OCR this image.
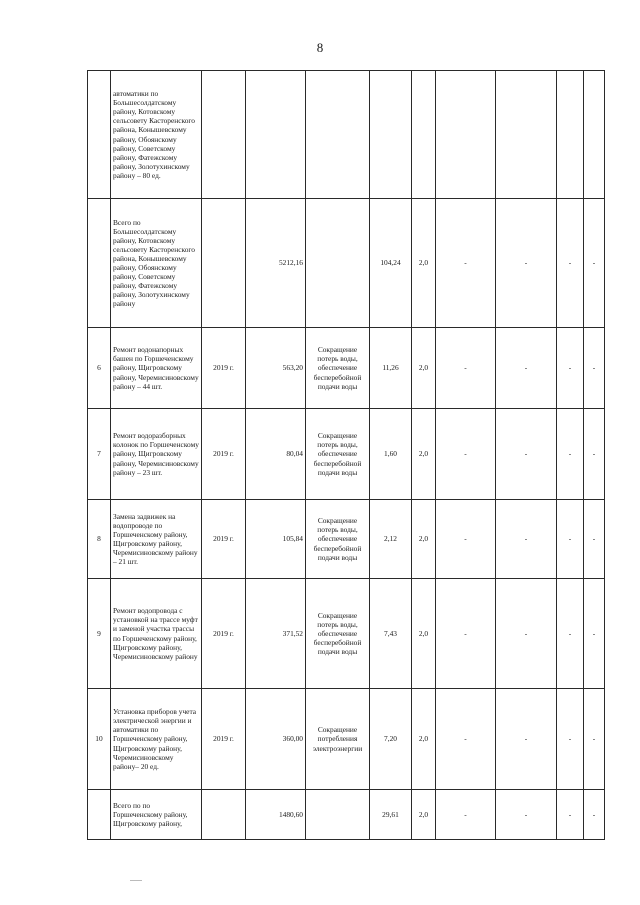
8
	автоматики по Большесолдатскому району, Котовскому сельсовету Касторенского района, Конышевскому району, Обоянскому району, Советскому району, Фатежскому району, Золотухинскому району – 80 ед.									
	Всего по Большесолдатскому району, Котовскому сельсовету Касторенского района, Конышевскому району, Обоянскому району, Советскому району, Фатежскому району, Золотухинскому району		5212,16		104,24	2,0	-	-	-	-
6	Ремонт водонапорных башен по Горшеченскому району, Щигровскому району, Черемисиновскому району – 44 шт.	2019 г.	563,20	Сокращение потерь воды, обеспечение бесперебойной подачи воды	11,26	2,0	-	-	-	-
7	Ремонт водоразборных колонок по Горшеченскому району, Щигровскому району, Черемисиновскому району – 23 шт.	2019 г.	80,04	Сокращение потерь воды, обеспечение бесперебойной подачи воды	1,60	2,0	-	-	-	-
8	Замена задвижек на водопроводе по Горшеченскому району, Щигровскому району, Черемисиновскому району – 21 шт.	2019 г.	105,84	Сокращение потерь воды, обеспечение бесперебойной подачи воды	2,12	2,0	-	-	-	-
9	Ремонт водопровода с установкой на трассе муфт и заменой участка трассы по Горшеченскому району, Щигровскому району, Черемисиновскому району	2019 г.	371,52	Сокращение потерь воды, обеспечение бесперебойной подачи воды	7,43	2,0	-	-	-	-
10	Установка приборов учета электрической энергии и автоматики по Горшеченскому району, Щигровскому району, Черемисиновскому району– 20 ед.	2019 г.	360,00	Сокращение потребления электроэнергии	7,20	2,0	-	-	-	-
	Всего по по Горшеченскому району, Щигровскому району,		1480,60		29,61	2,0	-	-	-	-
